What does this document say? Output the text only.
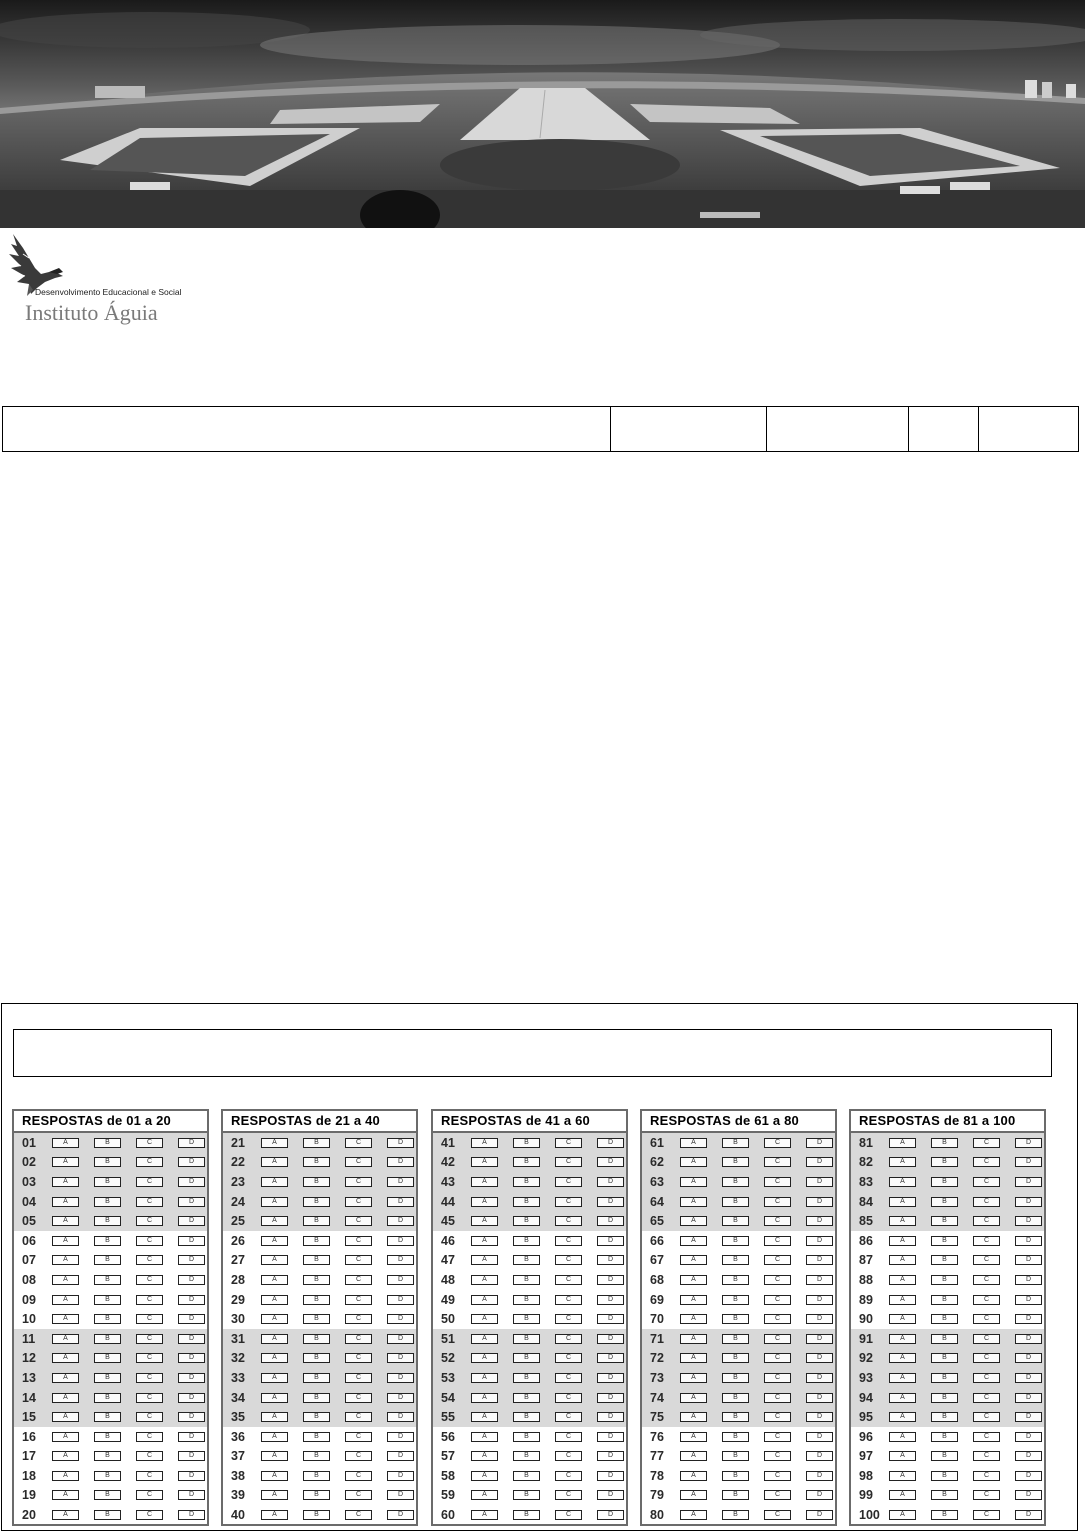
Desenvolvimento Educacional e Social
Instituto Águia

RESPOSTAS de 01 a 20
01	A	B	C	D
02	A	B	C	D
03	A	B	C	D
04	A	B	C	D
05	A	B	C	D
06	A	B	C	D
07	A	B	C	D
08	A	B	C	D
09	A	B	C	D
10	A	B	C	D
11	A	B	C	D
12	A	B	C	D
13	A	B	C	D
14	A	B	C	D
15	A	B	C	D
16	A	B	C	D
17	A	B	C	D
18	A	B	C	D
19	A	B	C	D
20	A	B	C	D
RESPOSTAS de 21 a 40
21	A	B	C	D
22	A	B	C	D
23	A	B	C	D
24	A	B	C	D
25	A	B	C	D
26	A	B	C	D
27	A	B	C	D
28	A	B	C	D
29	A	B	C	D
30	A	B	C	D
31	A	B	C	D
32	A	B	C	D
33	A	B	C	D
34	A	B	C	D
35	A	B	C	D
36	A	B	C	D
37	A	B	C	D
38	A	B	C	D
39	A	B	C	D
40	A	B	C	D
RESPOSTAS de 41 a 60
41	A	B	C	D
42	A	B	C	D
43	A	B	C	D
44	A	B	C	D
45	A	B	C	D
46	A	B	C	D
47	A	B	C	D
48	A	B	C	D
49	A	B	C	D
50	A	B	C	D
51	A	B	C	D
52	A	B	C	D
53	A	B	C	D
54	A	B	C	D
55	A	B	C	D
56	A	B	C	D
57	A	B	C	D
58	A	B	C	D
59	A	B	C	D
60	A	B	C	D
RESPOSTAS de 61 a 80
61	A	B	C	D
62	A	B	C	D
63	A	B	C	D
64	A	B	C	D
65	A	B	C	D
66	A	B	C	D
67	A	B	C	D
68	A	B	C	D
69	A	B	C	D
70	A	B	C	D
71	A	B	C	D
72	A	B	C	D
73	A	B	C	D
74	A	B	C	D
75	A	B	C	D
76	A	B	C	D
77	A	B	C	D
78	A	B	C	D
79	A	B	C	D
80	A	B	C	D
RESPOSTAS de 81 a 100
81	A	B	C	D
82	A	B	C	D
83	A	B	C	D
84	A	B	C	D
85	A	B	C	D
86	A	B	C	D
87	A	B	C	D
88	A	B	C	D
89	A	B	C	D
90	A	B	C	D
91	A	B	C	D
92	A	B	C	D
93	A	B	C	D
94	A	B	C	D
95	A	B	C	D
96	A	B	C	D
97	A	B	C	D
98	A	B	C	D
99	A	B	C	D
100	A	B	C	D
